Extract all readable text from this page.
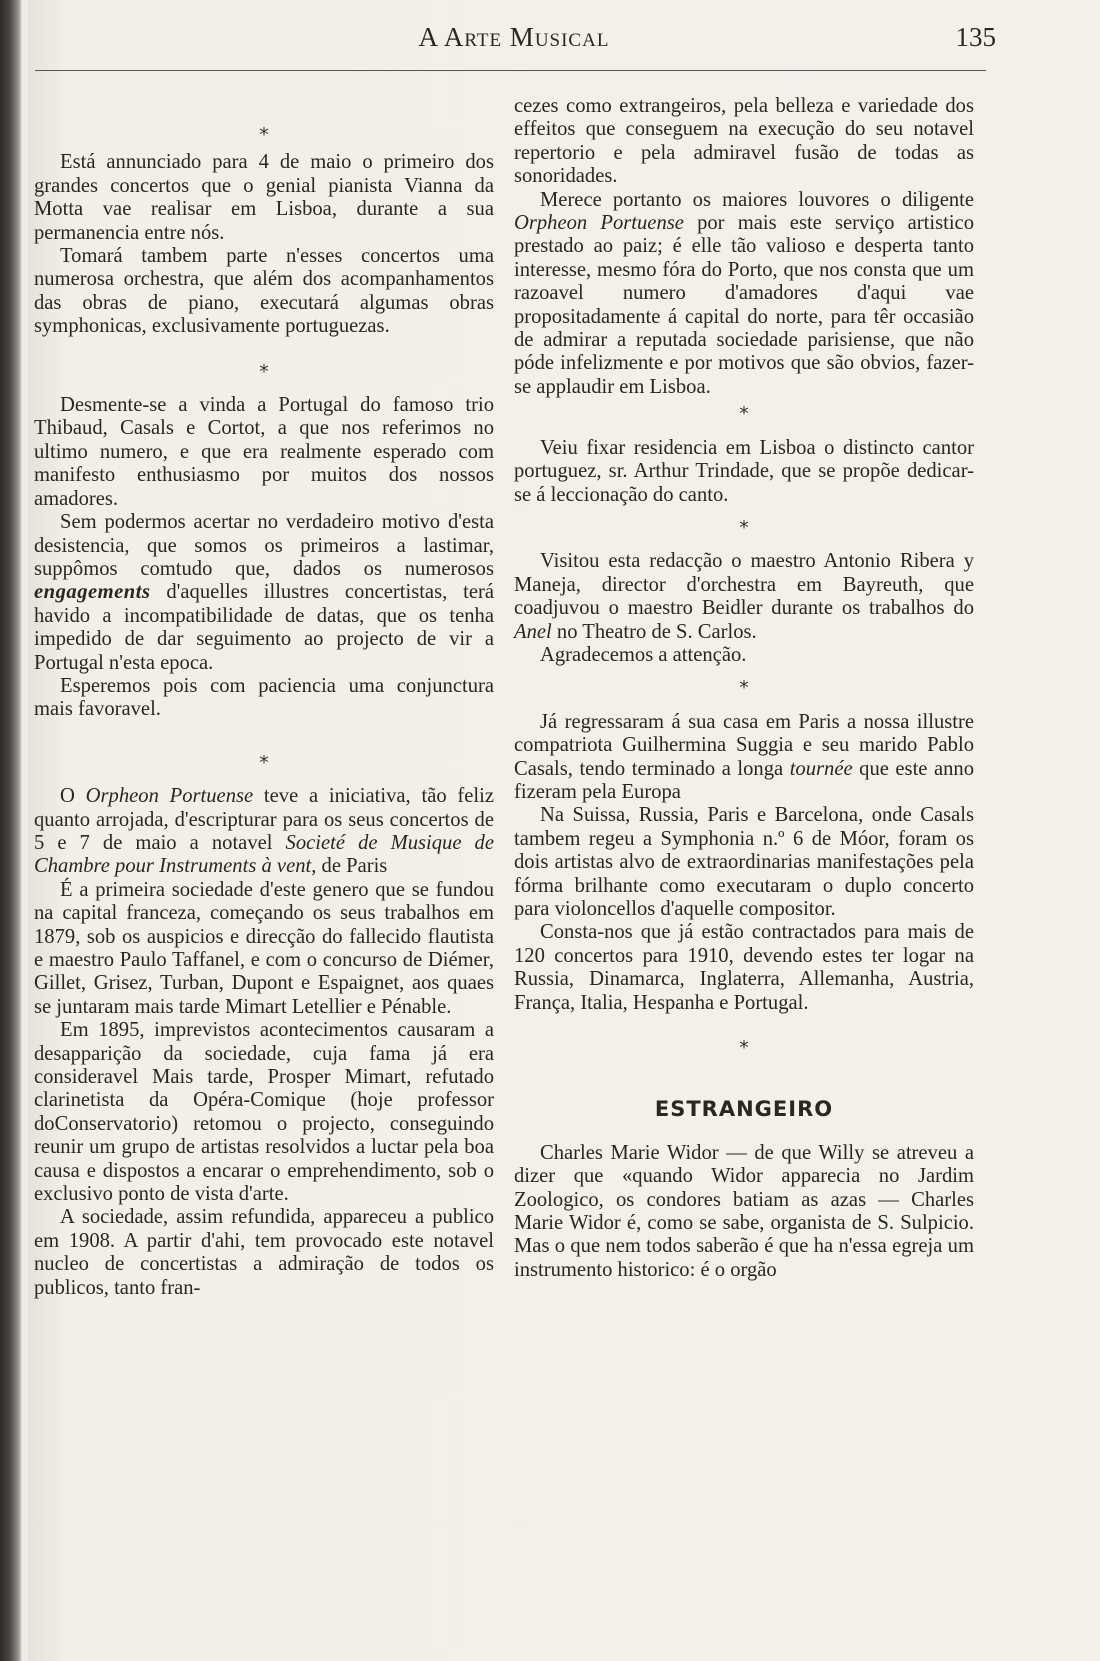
A Arte Musical	135
*

Está annunciado para 4 de maio o primeiro dos grandes concertos que o genial pianista Vianna da Motta vae realisar em Lisboa, durante a sua permanencia entre nós.

Tomará tambem parte n'esses concertos uma numerosa orchestra, que além dos acompanhamentos das obras de piano, executará algumas obras symphonicas, exclusivamente portuguezas.

*

Desmente-se a vinda a Portugal do famoso trio Thibaud, Casals e Cortot, a que nos referimos no ultimo numero, e que era realmente esperado com manifesto enthusiasmo por muitos dos nossos amadores.

Sem podermos acertar no verdadeiro motivo d'esta desistencia, que somos os primeiros a lastimar, suppômos comtudo que, dados os numerosos engagements d'aquelles illustres concertistas, terá havido a incompatibilidade de datas, que os tenha impedido de dar seguimento ao projecto de vir a Portugal n'esta epoca.

Esperemos pois com paciencia uma conjunctura mais favoravel.

*

O Orpheon Portuense teve a iniciativa, tão feliz quanto arrojada, d'escripturar para os seus concertos de 5 e 7 de maio a notavel Societé de Musique de Chambre pour Instruments à vent, de Paris

É a primeira sociedade d'este genero que se fundou na capital franceza, começando os seus trabalhos em 1879, sob os auspicios e direcção do fallecido flautista e maestro Paulo Taffanel, e com o concurso de Diémer, Gillet, Grisez, Turban, Dupont e Espaignet, aos quaes se juntaram mais tarde Mimart Letellier e Pénable.

Em 1895, imprevistos acontecimentos causaram a desapparição da sociedade, cuja fama já era consideravel Mais tarde, Prosper Mimart, refutado clarinetista da Opéra-Comique (hoje professor doConservatorio) retomou o projecto, conseguindo reunir um grupo de artistas resolvidos a luctar pela boa causa e dispostos a encarar o emprehendimento, sob o exclusivo ponto de vista d'arte.

A sociedade, assim refundida, appareceu a publico em 1908. A partir d'ahi, tem provocado este notavel nucleo de concertistas a admiração de todos os publicos, tanto fran-

cezes como extrangeiros, pela belleza e variedade dos effeitos que conseguem na execução do seu notavel repertorio e pela admiravel fusão de todas as sonoridades.

Merece portanto os maiores louvores o diligente Orpheon Portuense por mais este serviço artistico prestado ao paiz; é elle tão valioso e desperta tanto interesse, mesmo fóra do Porto, que nos consta que um razoavel numero d'amadores d'aqui vae propositadamente á capital do norte, para têr occasião de admirar a reputada sociedade parisiense, que não póde infelizmente e por motivos que são obvios, fazer-se applaudir em Lisboa.

*

Veiu fixar residencia em Lisboa o distincto cantor portuguez, sr. Arthur Trindade, que se propõe dedicar-se á leccionação do canto.

*

Visitou esta redacção o maestro Antonio Ribera y Maneja, director d'orchestra em Bayreuth, que coadjuvou o maestro Beidler durante os trabalhos do Anel no Theatro de S. Carlos.

Agradecemos a attenção.

*

Já regressaram á sua casa em Paris a nossa illustre compatriota Guilhermina Suggia e seu marido Pablo Casals, tendo terminado a longa tournée que este anno fizeram pela Europa

Na Suissa, Russia, Paris e Barcelona, onde Casals tambem regeu a Symphonia n.º 6 de Móor, foram os dois artistas alvo de extraordinarias manifestações pela fórma brilhante como executaram o duplo concerto para violoncellos d'aquelle compositor.

Consta-nos que já estão contractados para mais de 120 concertos para 1910, devendo estes ter logar na Russia, Dinamarca, Inglaterra, Allemanha, Austria, França, Italia, Hespanha e Portugal.

*
ESTRANGEIRO

Charles Marie Widor — de que Willy se atreveu a dizer que «quando Widor apparecia no Jardim Zoologico, os condores batiam as azas — Charles Marie Widor é, como se sabe, organista de S. Sulpicio. Mas o que nem todos saberão é que ha n'essa egreja um instrumento historico: é o orgão
